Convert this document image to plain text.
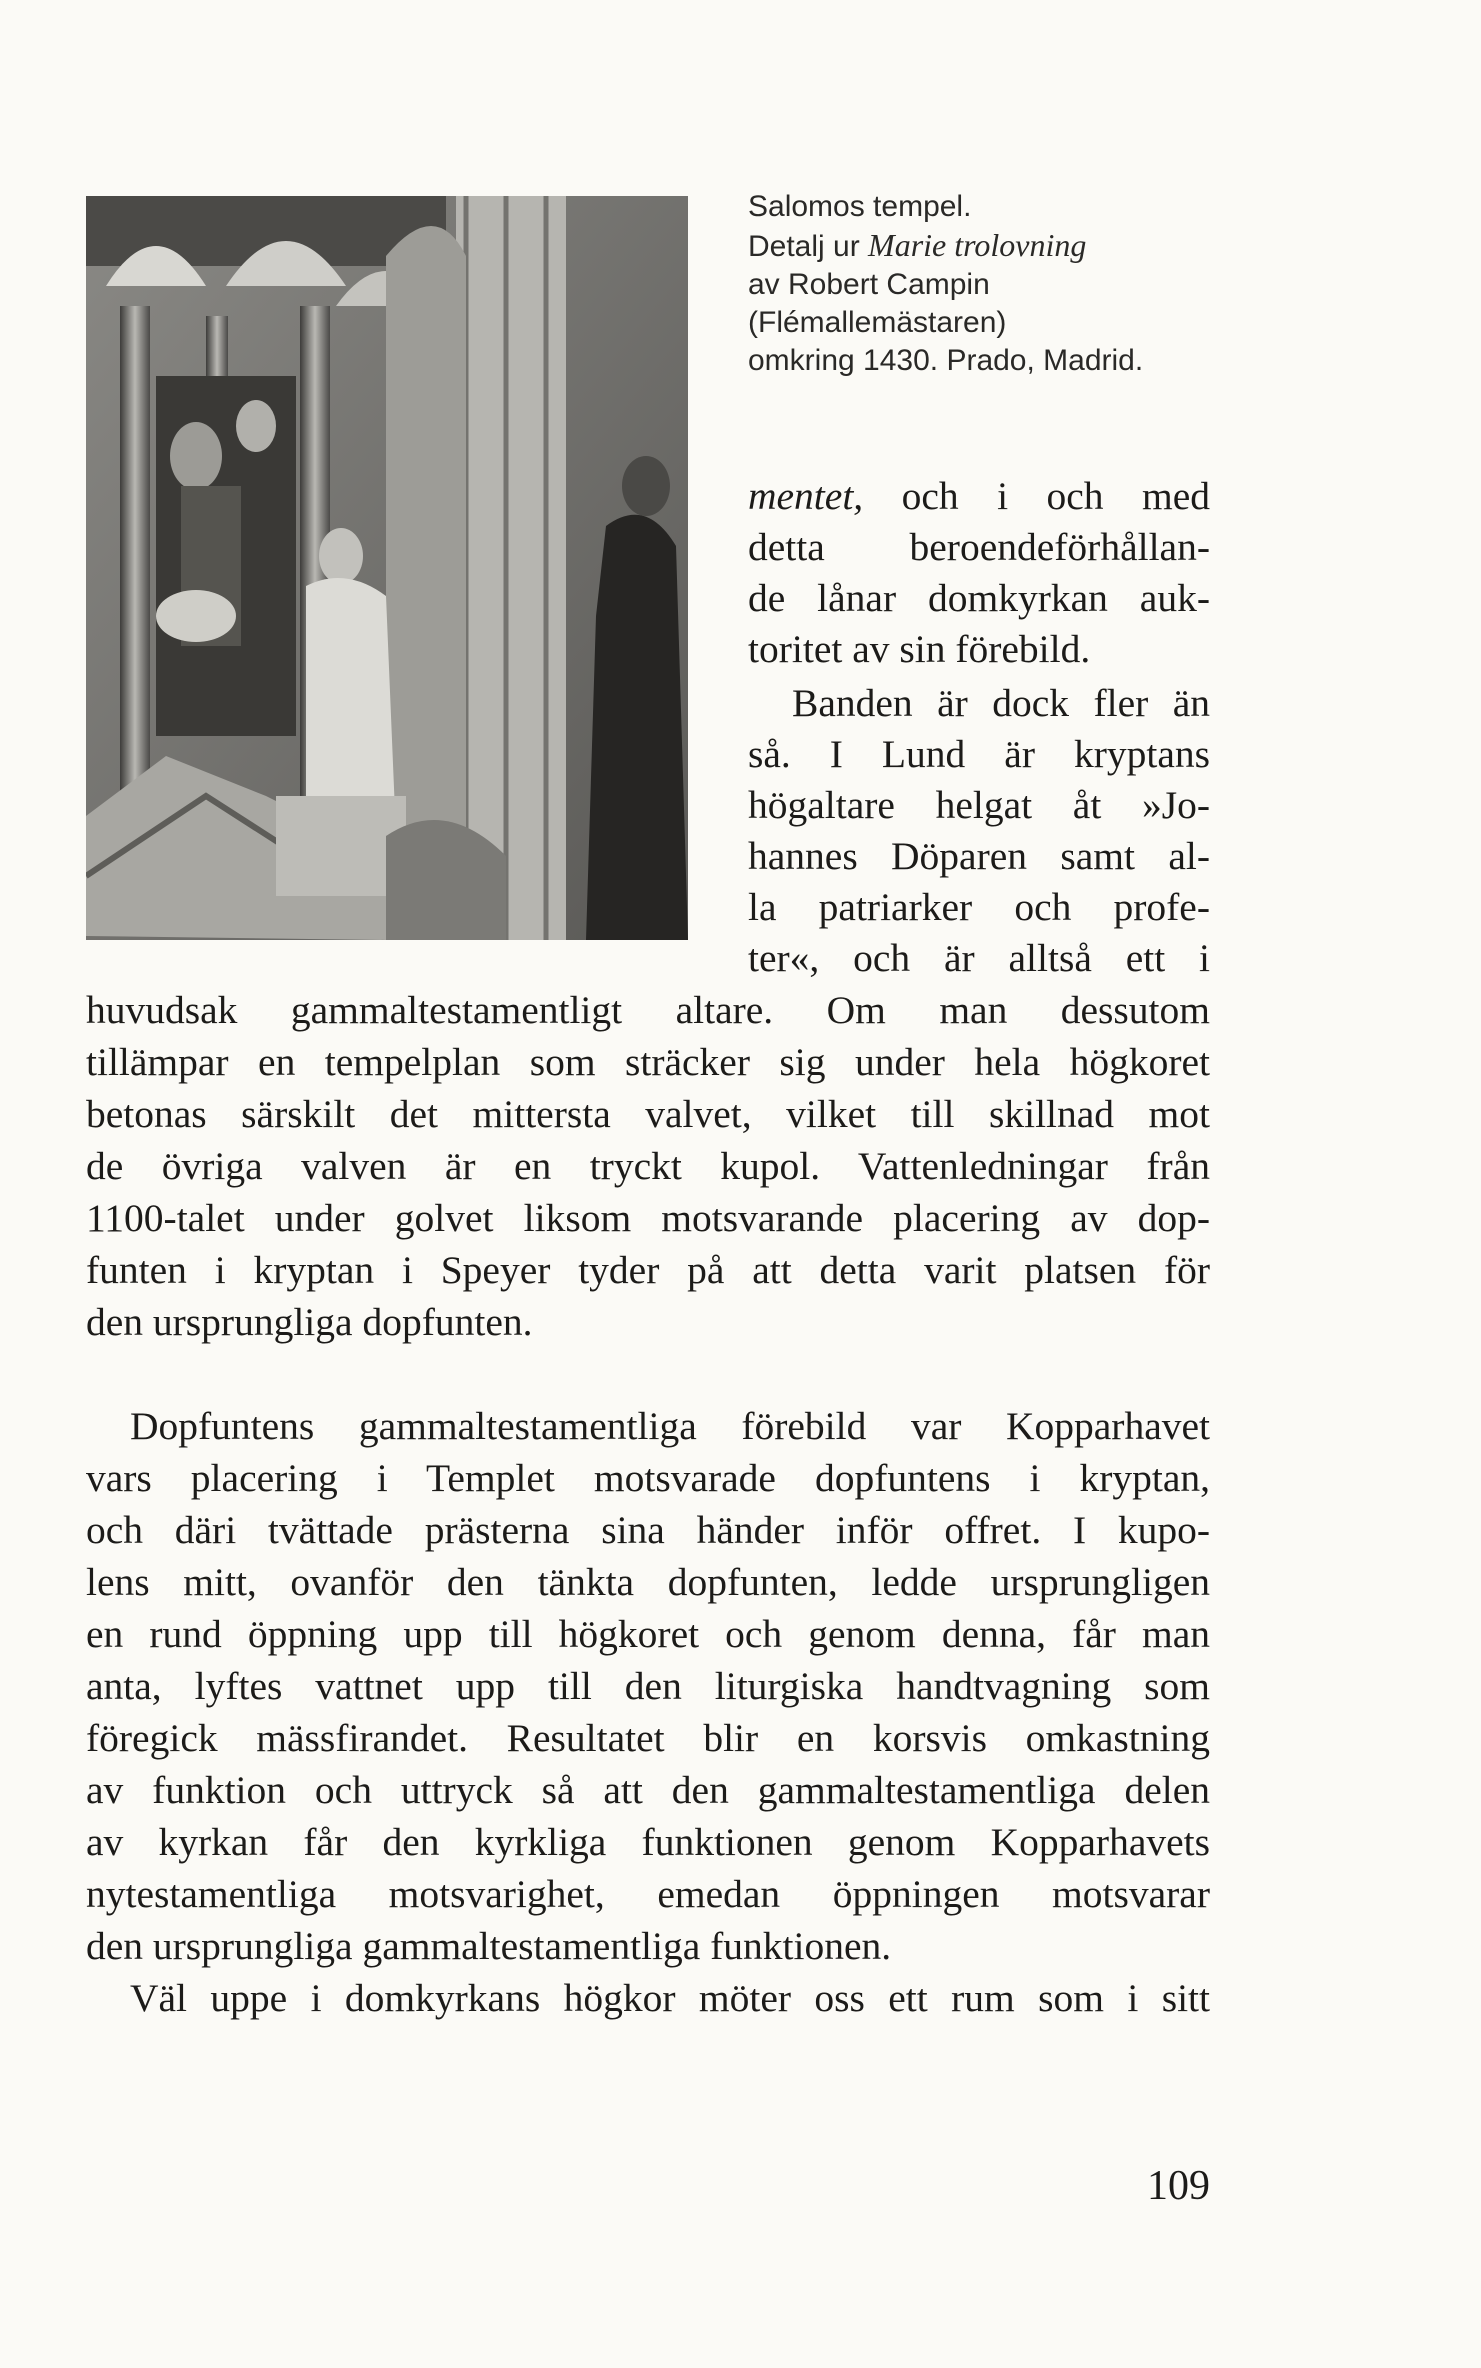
Salomos tempel.
Detalj ur Marie trolovning
av Robert Campin
(Flémallemästaren)
omkring 1430. Prado, Madrid.
mentet, och i och med
detta beroendeförhållan-
de lånar domkyrkan auk-
toritet av sin förebild.
Banden är dock fler än
så. I Lund är kryptans
högaltare helgat åt »Jo-
hannes Döparen samt al-
la patriarker och profe-
ter«, och är alltså ett i
huvudsak gammaltestamentligt altare. Om man dessutom
tillämpar en tempelplan som sträcker sig under hela högkoret
betonas särskilt det mittersta valvet, vilket till skillnad mot
de övriga valven är en tryckt kupol. Vattenledningar från
1100-talet under golvet liksom motsvarande placering av dop-
funten i kryptan i Speyer tyder på att detta varit platsen för
den ursprungliga dopfunten.
Dopfuntens gammaltestamentliga förebild var Kopparhavet
vars placering i Templet motsvarade dopfuntens i kryptan,
och däri tvättade prästerna sina händer inför offret. I kupo-
lens mitt, ovanför den tänkta dopfunten, ledde ursprungligen
en rund öppning upp till högkoret och genom denna, får man
anta, lyftes vattnet upp till den liturgiska handtvagning som
föregick mässfirandet. Resultatet blir en korsvis omkastning
av funktion och uttryck så att den gammaltestamentliga delen
av kyrkan får den kyrkliga funktionen genom Kopparhavets
nytestamentliga motsvarighet, emedan öppningen motsvarar
den ursprungliga gammaltestamentliga funktionen.
Väl uppe i domkyrkans högkor möter oss ett rum som i sitt
109
